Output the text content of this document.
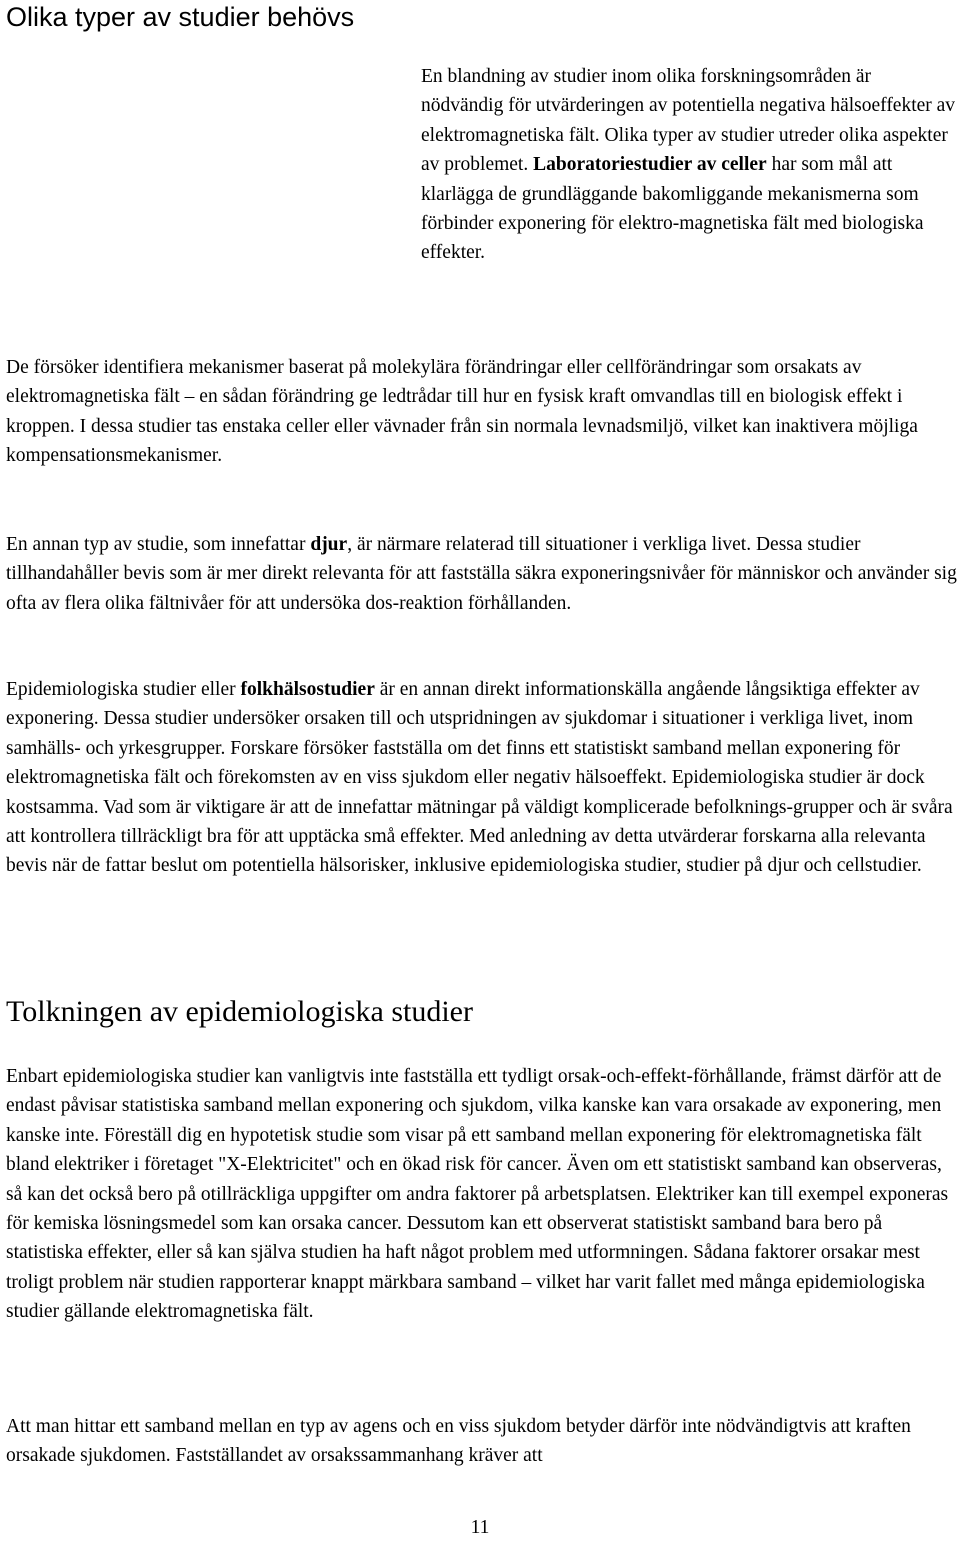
Olika typer av studier behövs

En blandning av studier inom olika forskningsområden är nödvändig för utvärderingen av potentiella negativa hälsoeffekter av elektromagnetiska fält. Olika typer av studier utreder olika aspekter av problemet. Laboratoriestudier av celler har som mål att klarlägga de grundläggande bakomliggande mekanismerna som förbinder exponering för elektro-magnetiska fält med biologiska effekter.

De försöker identifiera mekanismer baserat på molekylära förändringar eller cellförändringar som orsakats av elektromagnetiska fält – en sådan förändring ge ledtrådar till hur en fysisk kraft omvandlas till en biologisk effekt i kroppen. I dessa studier tas enstaka celler eller vävnader från sin normala levnadsmiljö, vilket kan inaktivera möjliga kompensationsmekanismer.

En annan typ av studie, som innefattar djur, är närmare relaterad till situationer i verkliga livet. Dessa studier tillhandahåller bevis som är mer direkt relevanta för att fastställa säkra exponeringsnivåer för människor och använder sig ofta av flera olika fältnivåer för att undersöka dos-reaktion förhållanden.

Epidemiologiska studier eller folkhälsostudier är en annan direkt informationskälla angående långsiktiga effekter av exponering. Dessa studier undersöker orsaken till och utspridningen av sjukdomar i situationer i verkliga livet, inom samhälls- och yrkesgrupper. Forskare försöker fastställa om det finns ett statistiskt samband mellan exponering för elektromagnetiska fält och förekomsten av en viss sjukdom eller negativ hälsoeffekt. Epidemiologiska studier är dock kostsamma. Vad som är viktigare är att de innefattar mätningar på väldigt komplicerade befolknings-grupper och är svåra att kontrollera tillräckligt bra för att upptäcka små effekter. Med anledning av detta utvärderar forskarna alla relevanta bevis när de fattar beslut om potentiella hälsorisker, inklusive epidemiologiska studier, studier på djur och cellstudier.

Tolkningen av epidemiologiska studier

Enbart epidemiologiska studier kan vanligtvis inte fastställa ett tydligt orsak-och-effekt-förhållande, främst därför att de endast påvisar statistiska samband mellan exponering och sjukdom, vilka kanske kan vara orsakade av exponering, men kanske inte. Föreställ dig en hypotetisk studie som visar på ett samband mellan exponering för elektromagnetiska fält bland elektriker i företaget "X-Elektricitet" och en ökad risk för cancer. Även om ett statistiskt samband kan observeras, så kan det också bero på otillräckliga uppgifter om andra faktorer på arbetsplatsen. Elektriker kan till exempel exponeras för kemiska lösningsmedel som kan orsaka cancer. Dessutom kan ett observerat statistiskt samband bara bero på statistiska effekter, eller så kan själva studien ha haft något problem med utformningen. Sådana faktorer orsakar mest troligt problem när studien rapporterar knappt märkbara samband – vilket har varit fallet med många epidemiologiska studier gällande elektromagnetiska fält.

Att man hittar ett samband mellan en typ av agens och en viss sjukdom betyder därför inte nödvändigtvis att kraften orsakade sjukdomen. Fastställandet av orsakssammanhang kräver att

11
